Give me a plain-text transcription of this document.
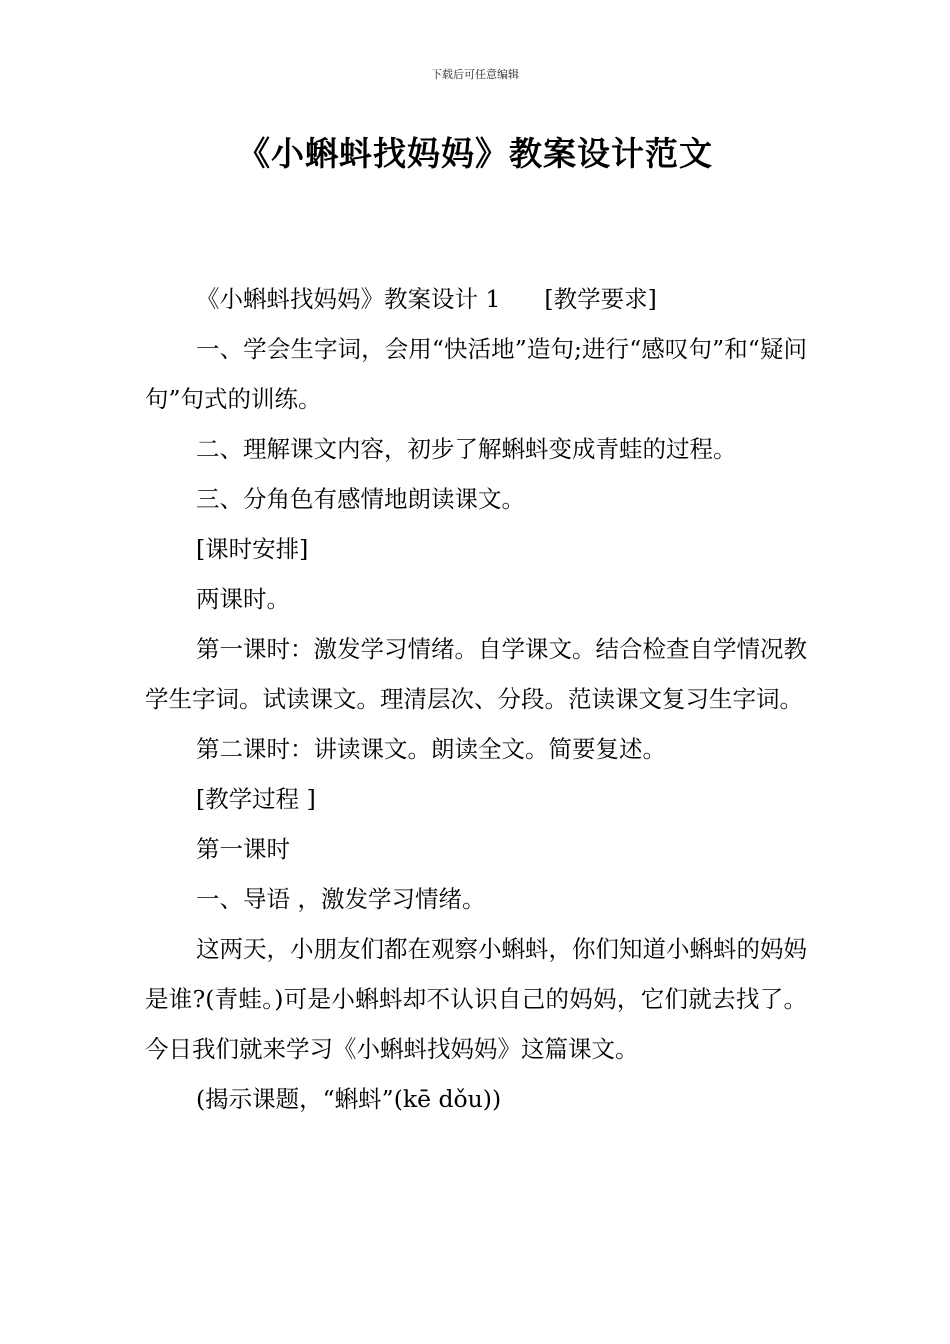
下载后可任意编辑
《小蝌蚪找妈妈》教案设计范文

《小蝌蚪找妈妈》教案设计 1 [教学要求]

一、学会生字词，会用“快活地”造句;进行“感叹句”和“疑问句”句式的训练。

二、理解课文内容，初步了解蝌蚪变成青蛙的过程。

三、分角色有感情地朗读课文。

[课时安排]

两课时。

第一课时：激发学习情绪。自学课文。结合检查自学情况教学生字词。试读课文。理清层次、分段。范读课文复习生字词。

第二课时：讲读课文。朗读全文。简要复述。

[教学过程 ]

第一课时

一、导语 ，激发学习情绪。

这两天，小朋友们都在观察小蝌蚪，你们知道小蝌蚪的妈妈是谁?(青蛙。)可是小蝌蚪却不认识自己的妈妈，它们就去找了。今日我们就来学习《小蝌蚪找妈妈》这篇课文。

(揭示课题，“蝌蚪”(kē dǒu))
